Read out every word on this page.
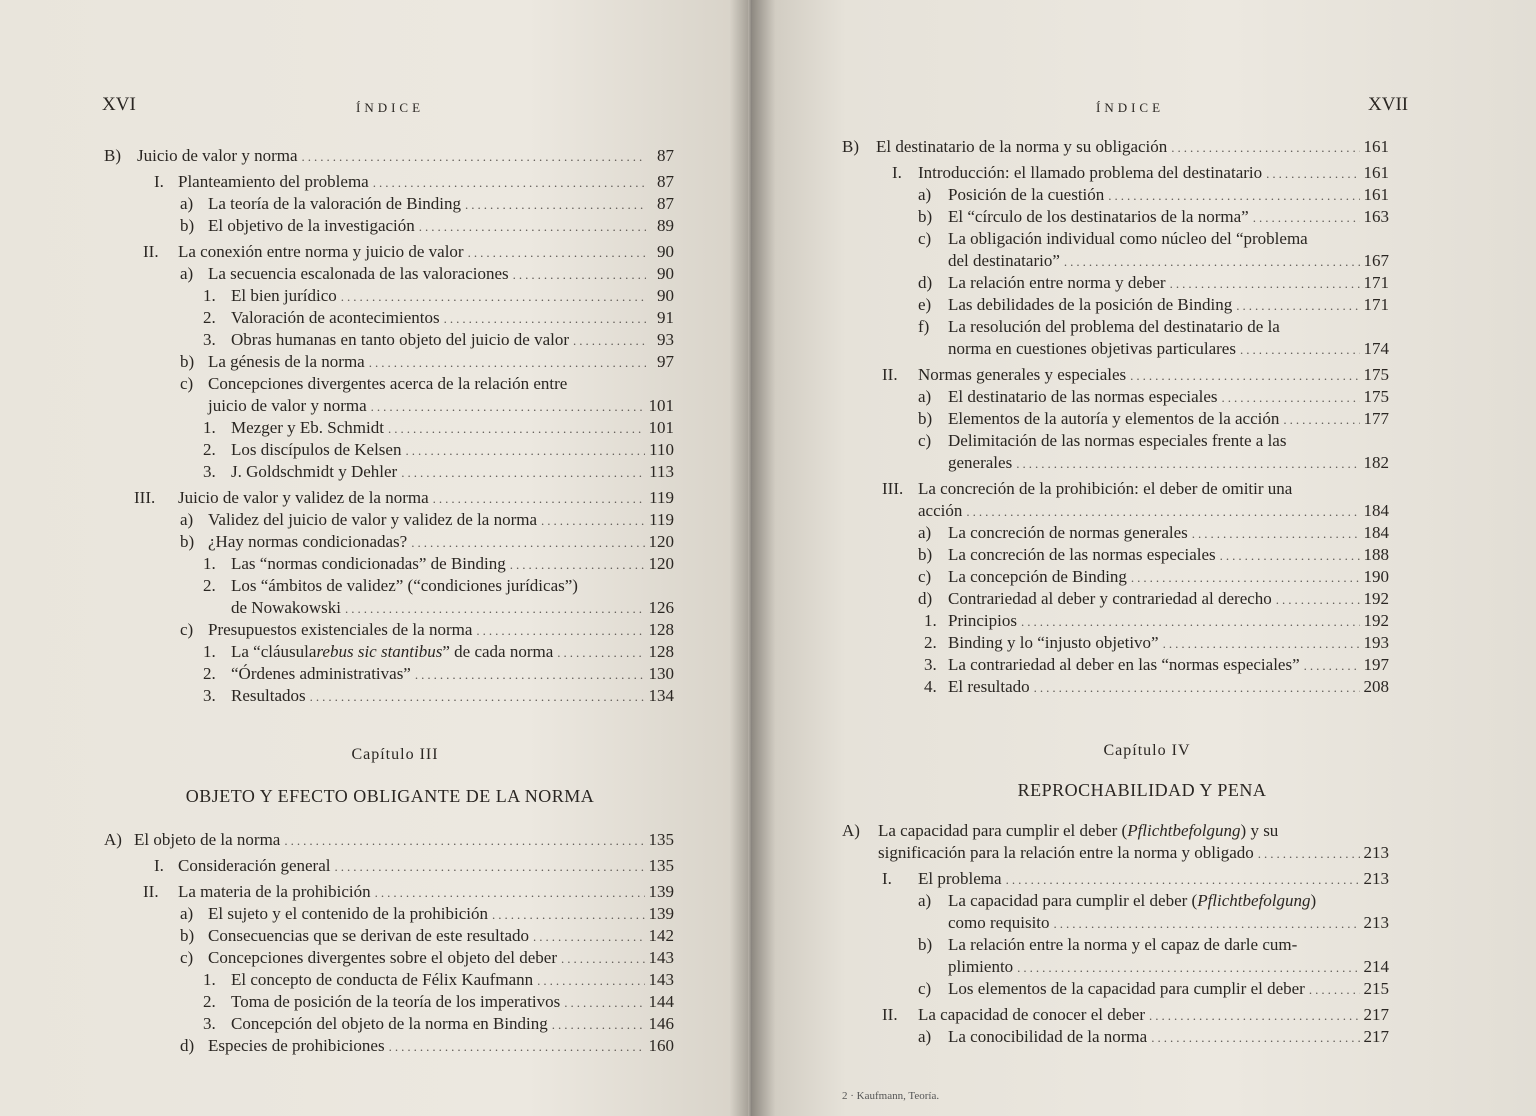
XVI	ÍNDICE
B) Juicio de valor y norma .....	87
I. Planteamiento del problema .....	87
a) La teoría de la valoración de Binding .....	87
b) El objetivo de la investigación .....	89
II. La conexión entre norma y juicio de valor .....	90
a) La secuencia escalonada de las valoraciones .....	90
1. El bien jurídico .....	90
2. Valoración de acontecimientos .....	91
3. Obras humanas en tanto objeto del juicio de valor .....	93
b) La génesis de la norma .....	97
c) Concepciones divergentes acerca de la relación entre
juicio de valor y norma .....	101
1. Mezger y Eb. Schmidt .....	101
2. Los discípulos de Kelsen .....	110
3. J. Goldschmidt y Dehler .....	113
III. Juicio de valor y validez de la norma .....	119
a) Validez del juicio de valor y validez de la norma .....	119
b) ¿Hay normas condicionadas? .....	120
1. Las “normas condicionadas” de Binding .....	120
2. Los “ámbitos de validez” (“condiciones jurídicas”)
de Nowakowski .....	126
c) Presupuestos existenciales de la norma .....	128
1. La “cláusularebus sic stantibus” de cada norma .....	128
2. “Órdenes administrativas” .....	130
3. Resultados .....	134
A) El objeto de la norma .....	135
I. Consideración general .....	135
II. La materia de la prohibición .....	139
a) El sujeto y el contenido de la prohibición .....	139
b) Consecuencias que se derivan de este resultado .....	142
c) Concepciones divergentes sobre el objeto del deber .....	143
1. El concepto de conducta de Félix Kaufmann .....	143
2. Toma de posición de la teoría de los imperativos .....	144
3. Concepción del objeto de la norma en Binding .....	146
d) Especies de prohibiciones .....	160
Capítulo III
OBJETO Y EFECTO OBLIGANTE DE LA NORMA
ÍNDICE	XVII
B) El destinatario de la norma y su obligación .....	161
I. Introducción: el llamado problema del destinatario .....	161
a) Posición de la cuestión .....	161
b) El “círculo de los destinatarios de la norma” .....	163
c) La obligación individual como núcleo del “problema
del destinatario” .....	167
d) La relación entre norma y deber .....	171
e) Las debilidades de la posición de Binding .....	171
f) La resolución del problema del destinatario de la
norma en cuestiones objetivas particulares .....	174
II. Normas generales y especiales .....	175
a) El destinatario de las normas especiales .....	175
b) Elementos de la autoría y elementos de la acción .....	177
c) Delimitación de las normas especiales frente a las
generales .....	182
III. La concreción de la prohibición: el deber de omitir una
acción .....	184
a) La concreción de normas generales .....	184
b) La concreción de las normas especiales .....	188
c) La concepción de Binding .....	190
d) Contrariedad al deber y contrariedad al derecho .....	192
1. Principios .....	192
2. Binding y lo “injusto objetivo” .....	193
3. La contrariedad al deber en las “normas especiales” .....	197
4. El resultado .....	208
A) La capacidad para cumplir el deber (Pflichtbefolgung) y su
significación para la relación entre la norma y obligado .....	213
I. El problema .....	213
a) La capacidad para cumplir el deber (Pflichtbefolgung)
como requisito .....	213
b) La relación entre la norma y el capaz de darle cum-
plimiento .....	214
c) Los elementos de la capacidad para cumplir el deber .....	215
II. La capacidad de conocer el deber .....	217
a) La conocibilidad de la norma .....	217
Capítulo IV
REPROCHABILIDAD Y PENA
2 · Kaufmann, Teoría.
